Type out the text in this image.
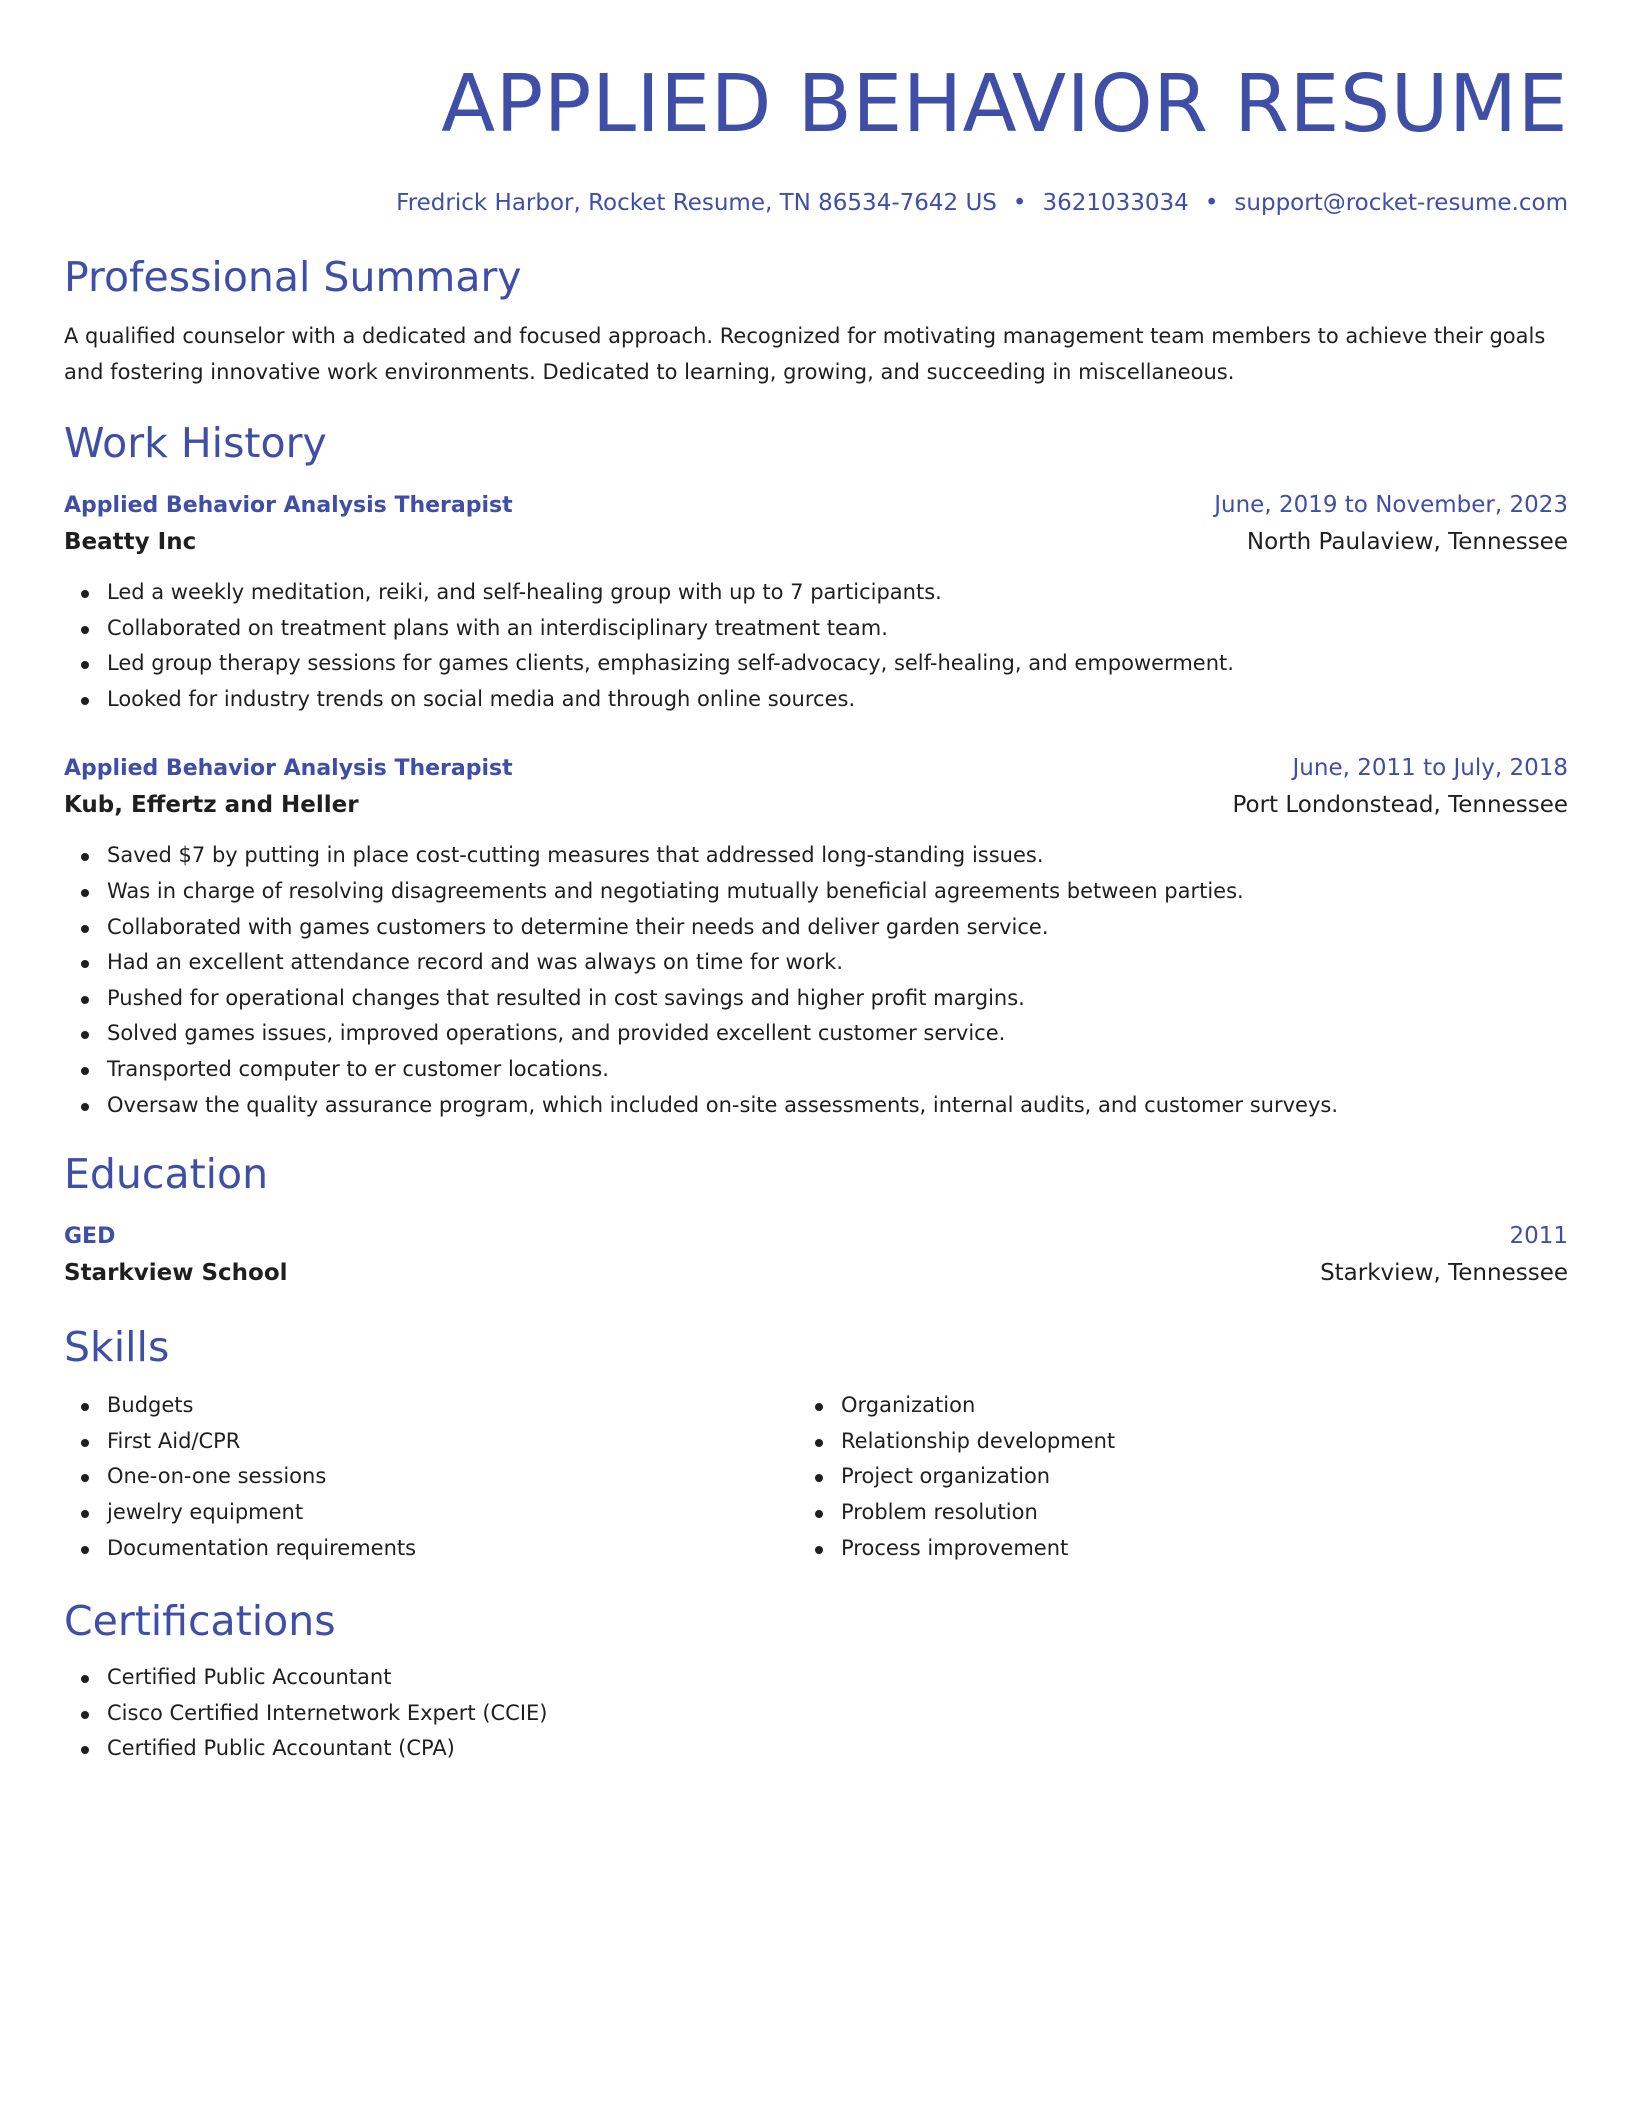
APPLIED BEHAVIOR RESUME
Fredrick Harbor, Rocket Resume, TN 86534-7642 US • 3621033034 • support@rocket-resume.com
Professional Summary

A qualified counselor with a dedicated and focused approach. Recognized for motivating management team members to achieve their goals and fostering innovative work environments. Dedicated to learning, growing, and succeeding in miscellaneous.

Work History
Applied Behavior Analysis Therapist	June, 2019 to November, 2023
Beatty Inc	North Paulaview, Tennessee
Led a weekly meditation, reiki, and self-healing group with up to 7 participants.
Collaborated on treatment plans with an interdisciplinary treatment team.
Led group therapy sessions for games clients, emphasizing self-advocacy, self-healing, and empowerment.
Looked for industry trends on social media and through online sources.
Applied Behavior Analysis Therapist	June, 2011 to July, 2018
Kub, Effertz and Heller	Port Londonstead, Tennessee
Saved $7 by putting in place cost-cutting measures that addressed long-standing issues.
Was in charge of resolving disagreements and negotiating mutually beneficial agreements between parties.
Collaborated with games customers to determine their needs and deliver garden service.
Had an excellent attendance record and was always on time for work.
Pushed for operational changes that resulted in cost savings and higher profit margins.
Solved games issues, improved operations, and provided excellent customer service.
Transported computer to er customer locations.
Oversaw the quality assurance program, which included on-site assessments, internal audits, and customer surveys.
Education
GED	2011
Starkview School	Starkview, Tennessee
Skills
Budgets
First Aid/CPR
One-on-one sessions
jewelry equipment
Documentation requirements
Organization
Relationship development
Project organization
Problem resolution
Process improvement
Certifications
Certified Public Accountant
Cisco Certified Internetwork Expert (CCIE)
Certified Public Accountant (CPA)
